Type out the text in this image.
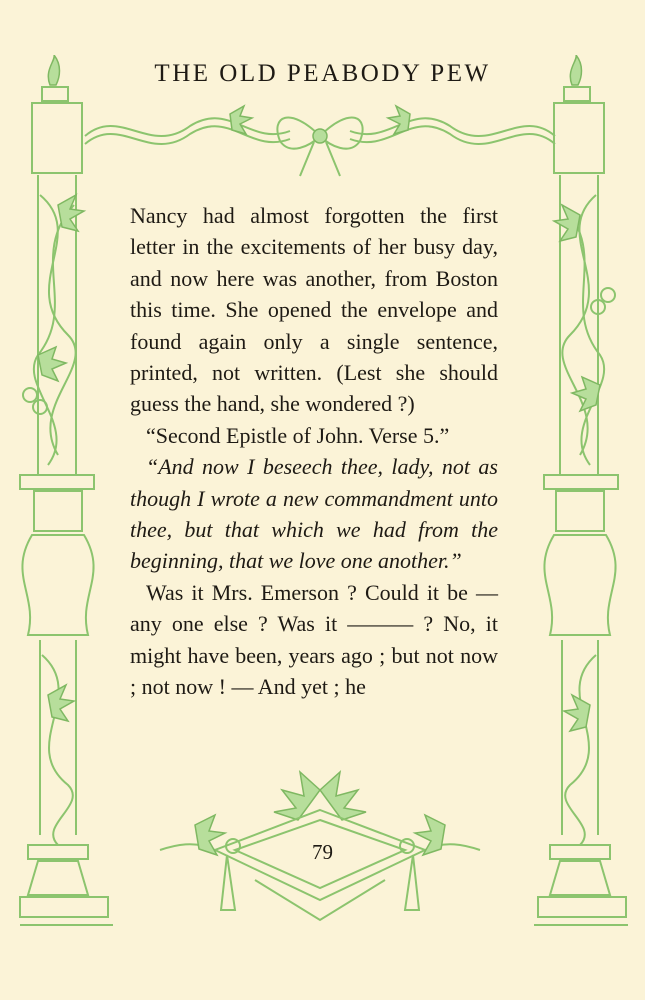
THE OLD PEABODY PEW

Nancy had almost forgotten the first letter in the excitements of her busy day, and now here was another, from Boston this time. She opened the envelope and found again only a single sentence, printed, not written. (Lest she should guess the hand, she wondered ?)

“Second Epistle of John. Verse 5.”

“And now I beseech thee, lady, not as though I wrote a new commandment unto thee, but that which we had from the beginning, that we love one another.”

Was it Mrs. Emerson ? Could it be — any one else ? Was it ——— ? No, it might have been, years ago ; but not now ; not now ! — And yet ; he

79
